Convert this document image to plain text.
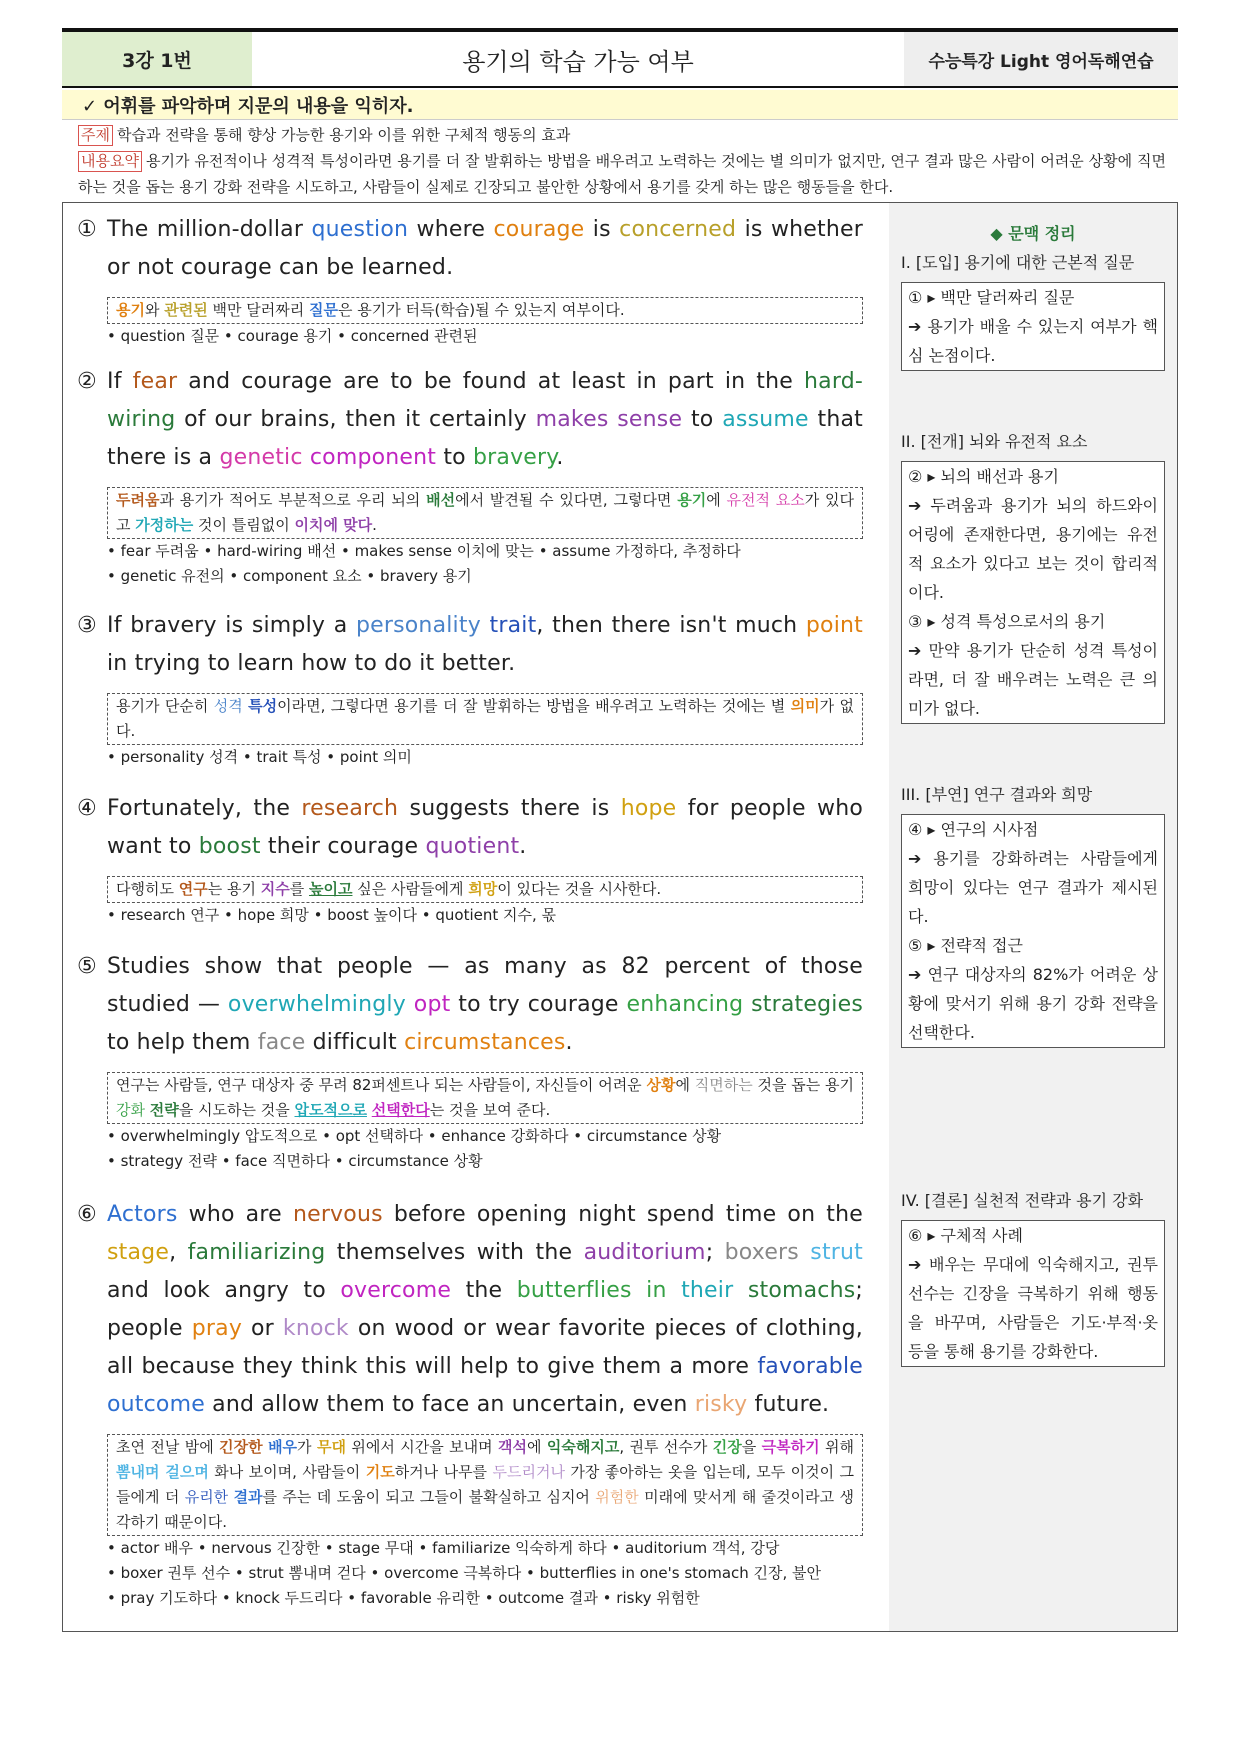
3강 1번	용기의 학습 가능 여부	수능특강 Light 영어독해연습
✓ 어휘를 파악하며 지문의 내용을 익히자.
주제 학습과 전략을 통해 향상 가능한 용기와 이를 위한 구체적 행동의 효과
내용요약 용기가 유전적이나 성격적 특성이라면 용기를 더 잘 발휘하는 방법을 배우려고 노력하는 것에는 별 의미가 없지만, 연구 결과 많은 사람이 어려운 상황에 직면하는 것을 돕는 용기 강화 전략을 시도하고, 사람들이 실제로 긴장되고 불안한 상황에서 용기를 갖게 하는 많은 행동들을 한다.
① The million-dollar question where courage is concerned is whether or not courage can be learned.
용기와 관련된 백만 달러짜리 질문은 용기가 터득(학습)될 수 있는지 여부이다.
• question 질문 • courage 용기 • concerned 관련된
② If fear and courage are to be found at least in part in the hard-wiring of our brains, then it certainly makes sense to assume that there is a genetic component to bravery.
두려움과 용기가 적어도 부분적으로 우리 뇌의 배선에서 발견될 수 있다면, 그렇다면 용기에 유전적 요소가 있다고 가정하는 것이 틀림없이 이치에 맞다.
• fear 두려움 • hard-wiring 배선 • makes sense 이치에 맞는 • assume 가정하다, 추정하다
• genetic 유전의 • component 요소 • bravery 용기
③ If bravery is simply a personality trait, then there isn't much point in trying to learn how to do it better.
용기가 단순히 성격 특성이라면, 그렇다면 용기를 더 잘 발휘하는 방법을 배우려고 노력하는 것에는 별 의미가 없다.
• personality 성격 • trait 특성 • point 의미
④ Fortunately, the research suggests there is hope for people who want to boost their courage quotient.
다행히도 연구는 용기 지수를 높이고 싶은 사람들에게 희망이 있다는 것을 시사한다.
• research 연구 • hope 희망 • boost 높이다 • quotient 지수, 몫
⑤ Studies show that people — as many as 82 percent of those studied — overwhelmingly opt to try courage enhancing strategies to help them face difficult circumstances.
연구는 사람들, 연구 대상자 중 무려 82퍼센트나 되는 사람들이, 자신들이 어려운 상황에 직면하는 것을 돕는 용기 강화 전략을 시도하는 것을 압도적으로 선택한다는 것을 보여 준다.
• overwhelmingly 압도적으로 • opt 선택하다 • enhance 강화하다 • circumstance 상황
• strategy 전략 • face 직면하다 • circumstance 상황
⑥ Actors who are nervous before opening night spend time on the stage, familiarizing themselves with the auditorium; boxers strut and look angry to overcome the butterflies in their stomachs; people pray or knock on wood or wear favorite pieces of clothing, all because they think this will help to give them a more favorable outcome and allow them to face an uncertain, even risky future.
초연 전날 밤에 긴장한 배우가 무대 위에서 시간을 보내며 객석에 익숙해지고, 권투 선수가 긴장을 극복하기 위해 뽐내며 걸으며 화나 보이며, 사람들이 기도하거나 나무를 두드리거나 가장 좋아하는 옷을 입는데, 모두 이것이 그들에게 더 유리한 결과를 주는 데 도움이 되고 그들이 불확실하고 심지어 위험한 미래에 맞서게 해 줄것이라고 생각하기 때문이다.
• actor 배우 • nervous 긴장한 • stage 무대 • familiarize 익숙하게 하다 • auditorium 객석, 강당
• boxer 권투 선수 • strut 뽐내며 걷다 • overcome 극복하다 • butterflies in one's stomach 긴장, 불안
• pray 기도하다 • knock 두드리다 • favorable 유리한 • outcome 결과 • risky 위험한
◆ 문맥 정리
I. [도입] 용기에 대한 근본적 질문
① ▸ 백만 달러짜리 질문
➔ 용기가 배울 수 있는지 여부가 핵심 논점이다.
II. [전개] 뇌와 유전적 요소
② ▸ 뇌의 배선과 용기
➔ 두려움과 용기가 뇌의 하드와이어링에 존재한다면, 용기에는 유전적 요소가 있다고 보는 것이 합리적이다.
③ ▸ 성격 특성으로서의 용기
➔ 만약 용기가 단순히 성격 특성이라면, 더 잘 배우려는 노력은 큰 의미가 없다.
III. [부연] 연구 결과와 희망
④ ▸ 연구의 시사점
➔ 용기를 강화하려는 사람들에게 희망이 있다는 연구 결과가 제시된다.
⑤ ▸ 전략적 접근
➔ 연구 대상자의 82%가 어려운 상황에 맞서기 위해 용기 강화 전략을 선택한다.
IV. [결론] 실천적 전략과 용기 강화
⑥ ▸ 구체적 사례
➔ 배우는 무대에 익숙해지고, 권투 선수는 긴장을 극복하기 위해 행동을 바꾸며, 사람들은 기도·부적·옷 등을 통해 용기를 강화한다.
